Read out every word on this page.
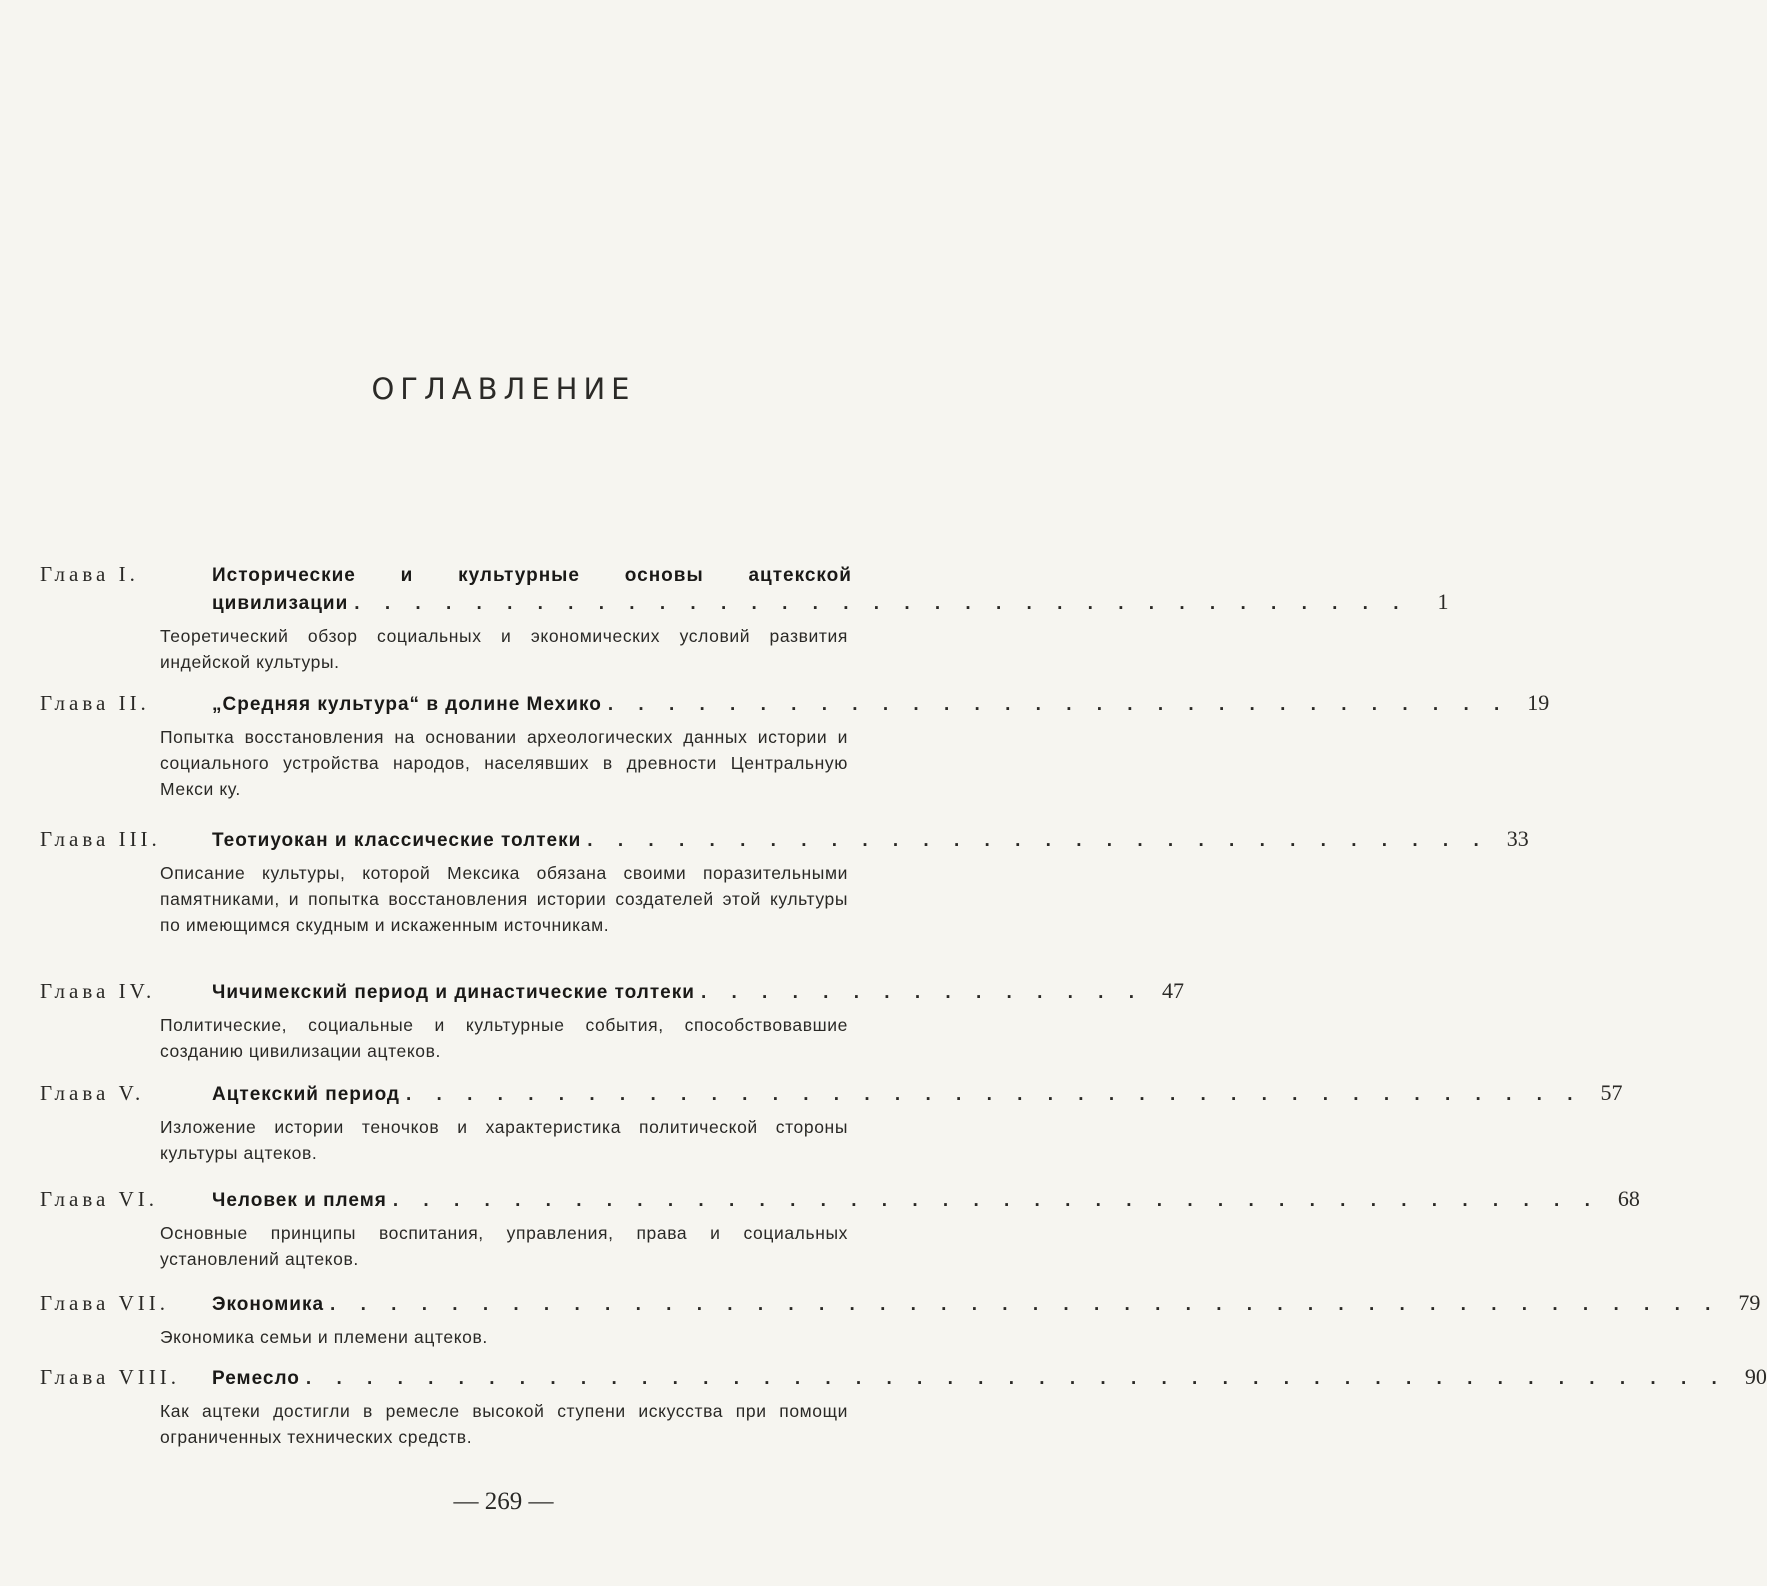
ОГЛАВЛЕНИЕ
Глава I.	Исторические и культурные основы ацтекской
цивилизации . . . . . . . . . . . . . . . . . . . . . . . . . . . . . . . . . . .	1
Теоретический обзор социальных и экономических условий развития индейской культуры.
Глава II.	„Средняя культура“ в долине Мехико . . . . . . . . . . . . . . . . . . . . . . . . . . . . . . 19
Попытка восстановления на основании археологических данных истории и социального устройства народов, населявших в древности Центральную Мекси ку.
Глава III.	Теотиуокан и классические толтеки . . . . . . . . . . . . . . . . . . . . . . . . . . . . . . 33
Описание культуры, которой Мексика обязана своими поразительными памятниками, и попытка восстановления истории создателей этой культуры по имеющимся скудным и искаженным источникам.
Глава IV.	Чичимекский период и династические толтеки . . . . . . . . . . . . . . . 47
Политические, социальные и культурные события, способствовавшие созданию цивилизации ацтеков.
Глава V.	Ацтекский период . . . . . . . . . . . . . . . . . . . . . . . . . . . . . . . . . . . . . . . 57
Изложение истории теночков и характеристика политической стороны культуры ацтеков.
Глава VI.	Человек и племя . . . . . . . . . . . . . . . . . . . . . . . . . . . . . . . . . . . . . . . . 68
Основные принципы воспитания, управления, права и социальных установлений ацтеков.
Глава VII.	Экономика . . . . . . . . . . . . . . . . . . . . . . . . . . . . . . . . . . . . . . . . . . . . . . 79
Экономика семьи и племени ацтеков.
Глава VIII.	Ремесло . . . . . . . . . . . . . . . . . . . . . . . . . . . . . . . . . . . . . . . . . . . . . . . 90
Как ацтеки достигли в ремесле высокой ступени искусства при помощи ограниченных технических средств.
— 269 —
